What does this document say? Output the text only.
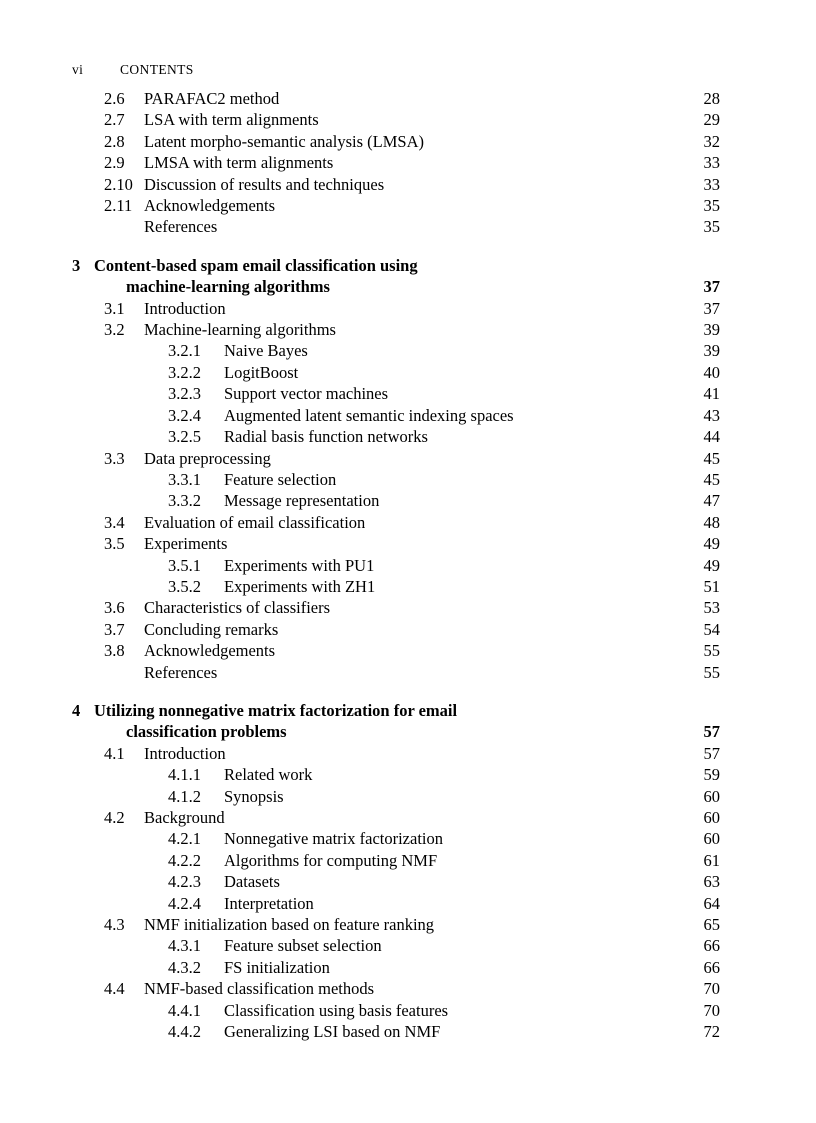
vi	CONTENTS
2.6	PARAFAC2 method	28
2.7	LSA with term alignments	29
2.8	Latent morpho-semantic analysis (LMSA)	32
2.9	LMSA with term alignments	33
2.10 Discussion of results and techniques	33
2.11 Acknowledgements	35
References	35
3 Content-based spam email classification using
machine-learning algorithms	37
3.1	Introduction	37
3.2	Machine-learning algorithms	39
3.2.1	Naive Bayes	39
3.2.2	LogitBoost	40
3.2.3	Support vector machines	41
3.2.4	Augmented latent semantic indexing spaces	43
3.2.5	Radial basis function networks	44
3.3	Data preprocessing	45
3.3.1	Feature selection	45
3.3.2	Message representation	47
3.4	Evaluation of email classification	48
3.5	Experiments	49
3.5.1	Experiments with PU1	49
3.5.2	Experiments with ZH1	51
3.6	Characteristics of classifiers	53
3.7	Concluding remarks	54
3.8	Acknowledgements	55
References	55
4 Utilizing nonnegative matrix factorization for email
classification problems	57
4.1	Introduction	57
4.1.1	Related work	59
4.1.2	Synopsis	60
4.2	Background	60
4.2.1	Nonnegative matrix factorization	60
4.2.2	Algorithms for computing NMF	61
4.2.3	Datasets	63
4.2.4	Interpretation	64
4.3	NMF initialization based on feature ranking	65
4.3.1	Feature subset selection	66
4.3.2	FS initialization	66
4.4	NMF-based classification methods	70
4.4.1	Classification using basis features	70
4.4.2	Generalizing LSI based on NMF	72
